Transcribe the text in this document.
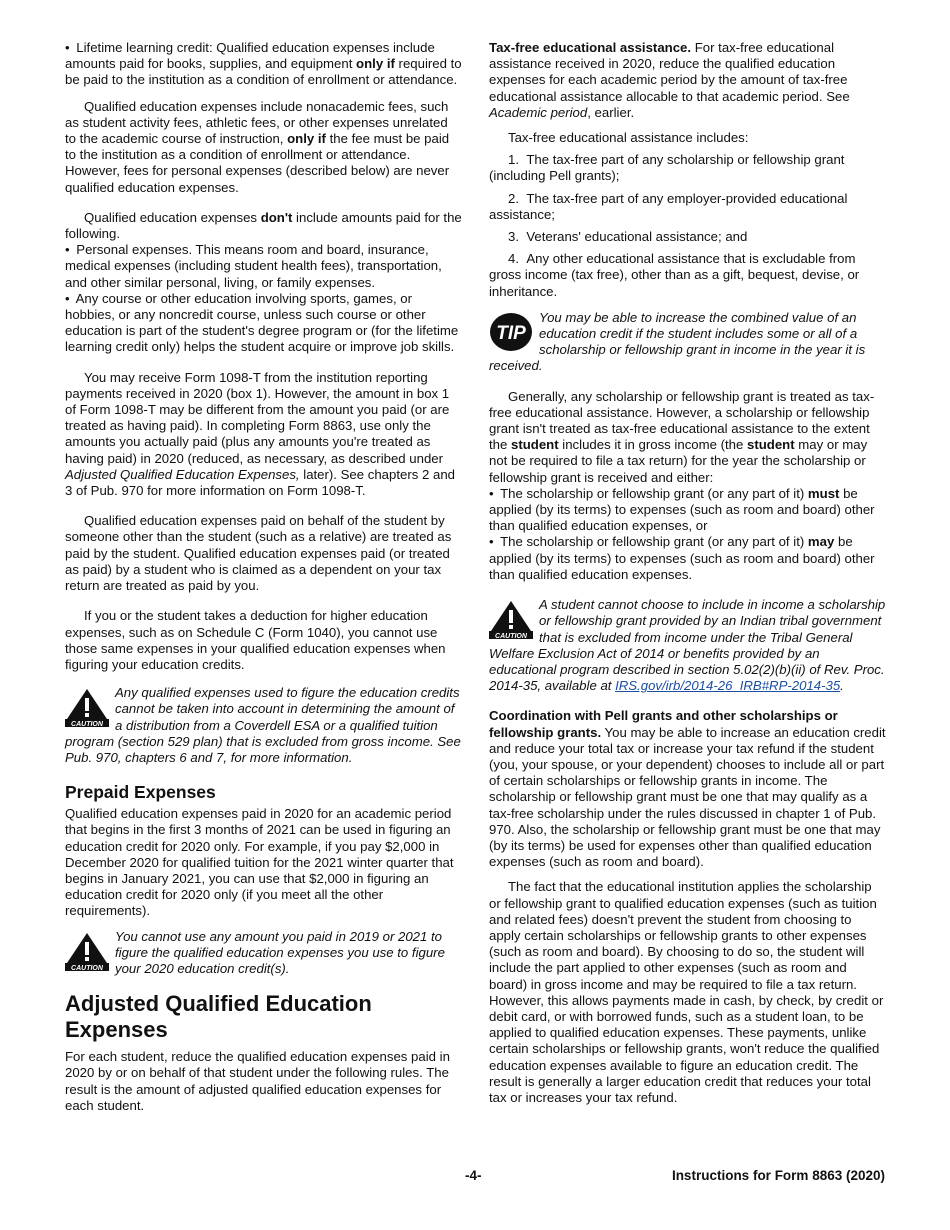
• Lifetime learning credit: Qualified education expenses include amounts paid for books, supplies, and equipment only if required to be paid to the institution as a condition of enrollment or attendance.

Qualified education expenses include nonacademic fees, such as student activity fees, athletic fees, or other expenses unrelated to the academic course of instruction, only if the fee must be paid to the institution as a condition of enrollment or attendance. However, fees for personal expenses (described below) are never qualified education expenses.

Qualified education expenses don't include amounts paid for the following.

• Personal expenses. This means room and board, insurance, medical expenses (including student health fees), transportation, and other similar personal, living, or family expenses.

• Any course or other education involving sports, games, or hobbies, or any noncredit course, unless such course or other education is part of the student's degree program or (for the lifetime learning credit only) helps the student acquire or improve job skills.

You may receive Form 1098-T from the institution reporting payments received in 2020 (box 1). However, the amount in box 1 of Form 1098-T may be different from the amount you paid (or are treated as having paid). In completing Form 8863, use only the amounts you actually paid (plus any amounts you're treated as having paid) in 2020 (reduced, as necessary, as described under Adjusted Qualified Education Expenses, later). See chapters 2 and 3 of Pub. 970 for more information on Form 1098-T.

Qualified education expenses paid on behalf of the student by someone other than the student (such as a relative) are treated as paid by the student. Qualified education expenses paid (or treated as paid) by a student who is claimed as a dependent on your tax return are treated as paid by you.

If you or the student takes a deduction for higher education expenses, such as on Schedule C (Form 1040), you cannot use those same expenses in your qualified education expenses when figuring your education credits.

CAUTION
Any qualified expenses used to figure the education credits cannot be taken into account in determining the amount of a distribution from a Coverdell ESA or a qualified tuition program (section 529 plan) that is excluded from gross income. See Pub. 970, chapters 6 and 7, for more information.
Prepaid Expenses

Qualified education expenses paid in 2020 for an academic period that begins in the first 3 months of 2021 can be used in figuring an education credit for 2020 only. For example, if you pay $2,000 in December 2020 for qualified tuition for the 2021 winter quarter that begins in January 2021, you can use that $2,000 in figuring an education credit for 2020 only (if you meet all the other requirements).

CAUTION
You cannot use any amount you paid in 2019 or 2021 to figure the qualified education expenses you use to figure your 2020 education credit(s).
Adjusted Qualified Education
Expenses

For each student, reduce the qualified education expenses paid in 2020 by or on behalf of that student under the following rules. The result is the amount of adjusted qualified education expenses for each student.

Tax-free educational assistance. For tax-free educational assistance received in 2020, reduce the qualified education expenses for each academic period by the amount of tax-free educational assistance allocable to that academic period. See Academic period, earlier.

Tax-free educational assistance includes:

1.  The tax-free part of any scholarship or fellowship grant (including Pell grants);

2.  The tax-free part of any employer-provided educational assistance;

3.  Veterans' educational assistance; and

4.  Any other educational assistance that is excludable from gross income (tax free), other than as a gift, bequest, devise, or inheritance.

TIP
You may be able to increase the combined value of an education credit if the student includes some or all of a scholarship or fellowship grant in income in the year it is received.

Generally, any scholarship or fellowship grant is treated as tax-free educational assistance. However, a scholarship or fellowship grant isn't treated as tax-free educational assistance to the extent the student includes it in gross income (the student may or may not be required to file a tax return) for the year the scholarship or fellowship grant is received and either:

• The scholarship or fellowship grant (or any part of it) must be applied (by its terms) to expenses (such as room and board) other than qualified education expenses, or

• The scholarship or fellowship grant (or any part of it) may be applied (by its terms) to expenses (such as room and board) other than qualified education expenses.

CAUTION
A student cannot choose to include in income a scholarship or fellowship grant provided by an Indian tribal government that is excluded from income under the Tribal General Welfare Exclusion Act of 2014 or benefits provided by an educational program described in section 5.02(2)(b)(ii) of Rev. Proc. 2014-35, available at IRS.gov/irb/2014-26_IRB#RP-2014-35.

Coordination with Pell grants and other scholarships or fellowship grants. You may be able to increase an education credit and reduce your total tax or increase your tax refund if the student (you, your spouse, or your dependent) chooses to include all or part of certain scholarships or fellowship grants in income. The scholarship or fellowship grant must be one that may qualify as a tax-free scholarship under the rules discussed in chapter 1 of Pub. 970. Also, the scholarship or fellowship grant must be one that may (by its terms) be used for expenses other than qualified education expenses (such as room and board).

The fact that the educational institution applies the scholarship or fellowship grant to qualified education expenses (such as tuition and related fees) doesn't prevent the student from choosing to apply certain scholarships or fellowship grants to other expenses (such as room and board). By choosing to do so, the student will include the part applied to other expenses (such as room and board) in gross income and may be required to file a tax return. However, this allows payments made in cash, by check, by credit or debit card, or with borrowed funds, such as a student loan, to be applied to qualified education expenses. These payments, unlike certain scholarships or fellowship grants, won't reduce the qualified education expenses available to figure an education credit. The result is generally a larger education credit that reduces your total tax or increases your tax refund.

-4-	Instructions for Form 8863 (2020)
